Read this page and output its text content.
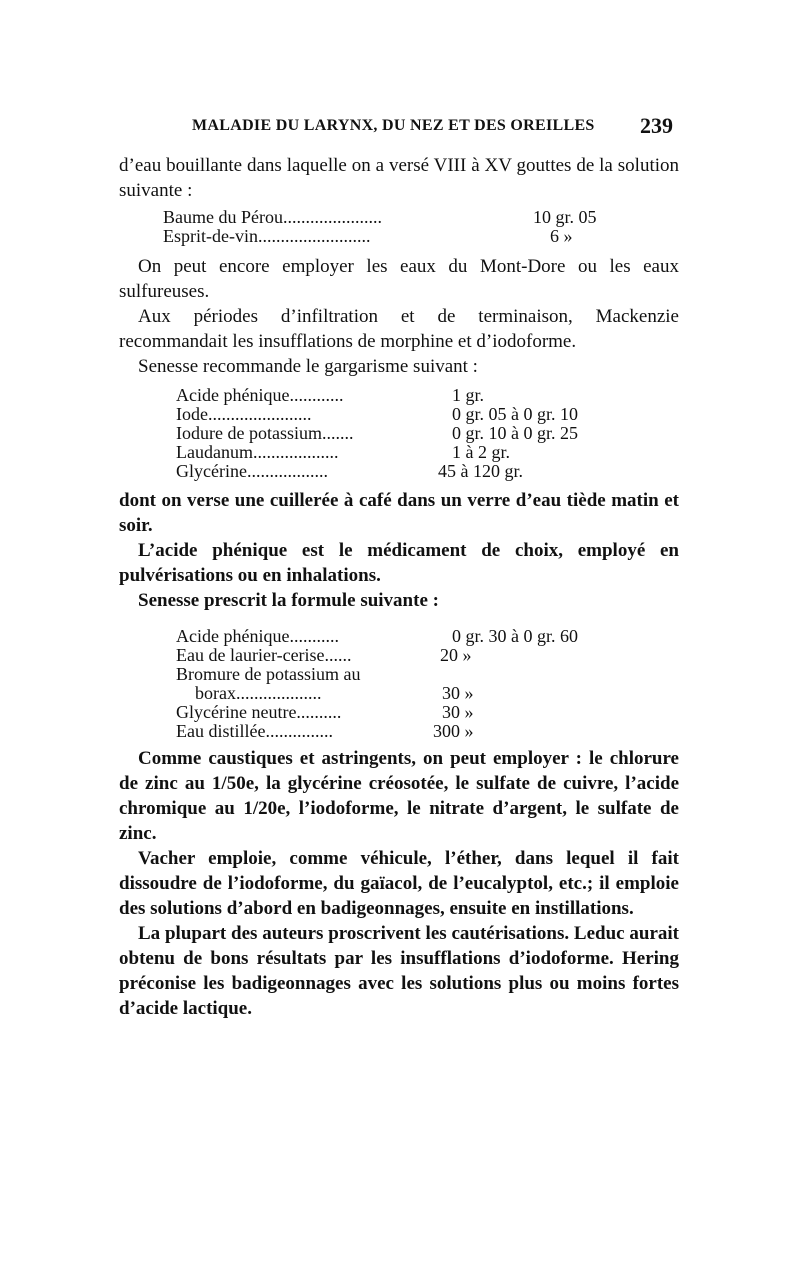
MALADIE DU LARYNX, DU NEZ ET DES OREILLES 239
d’eau bouillante dans laquelle on a versé VIII à XV gouttes de la solution suivante :
Baume du Pérou......................	10 gr. 05
Esprit-de-vin.........................	6 »
On peut encore employer les eaux du Mont-Dore ou les eaux sulfureuses.
Aux périodes d’infiltration et de terminaison, Mackenzie recommandait les insufflations de morphine et d’iodoforme.
Senesse recommande le gargarisme suivant :
Acide phénique............	1 gr.
Iode.......................	0 gr. 05 à 0 gr. 10
Iodure de potassium.......	0 gr. 10 à 0 gr. 25
Laudanum...................	1 à 2 gr.
Glycérine..................	45 à 120 gr.
dont on verse une cuillerée à café dans un verre d’eau tiède matin et soir.
L’acide phénique est le médicament de choix, employé en pulvérisations ou en inhalations.
Senesse prescrit la formule suivante :
Acide phénique...........	0 gr. 30 à 0 gr. 60
Eau de laurier-cerise......	20 »
Bromure de potassium au
borax...................	30 »
Glycérine neutre..........	30 »
Eau distillée...............	300 »
Comme caustiques et astringents, on peut employer : le chlorure de zinc au 1/50e, la glycérine créosotée, le sulfate de cuivre, l’acide chromique au 1/20e, l’iodoforme, le nitrate d’argent, le sulfate de zinc.
Vacher emploie, comme véhicule, l’éther, dans lequel il fait dissoudre de l’iodoforme, du gaïacol, de l’eucalyptol, etc.; il emploie des solutions d’abord en badigeonnages, ensuite en instillations.
La plupart des auteurs proscrivent les cautérisations. Leduc aurait obtenu de bons résultats par les insufflations d’iodoforme. Hering préconise les badigeonnages avec les solutions plus ou moins fortes d’acide lactique.
